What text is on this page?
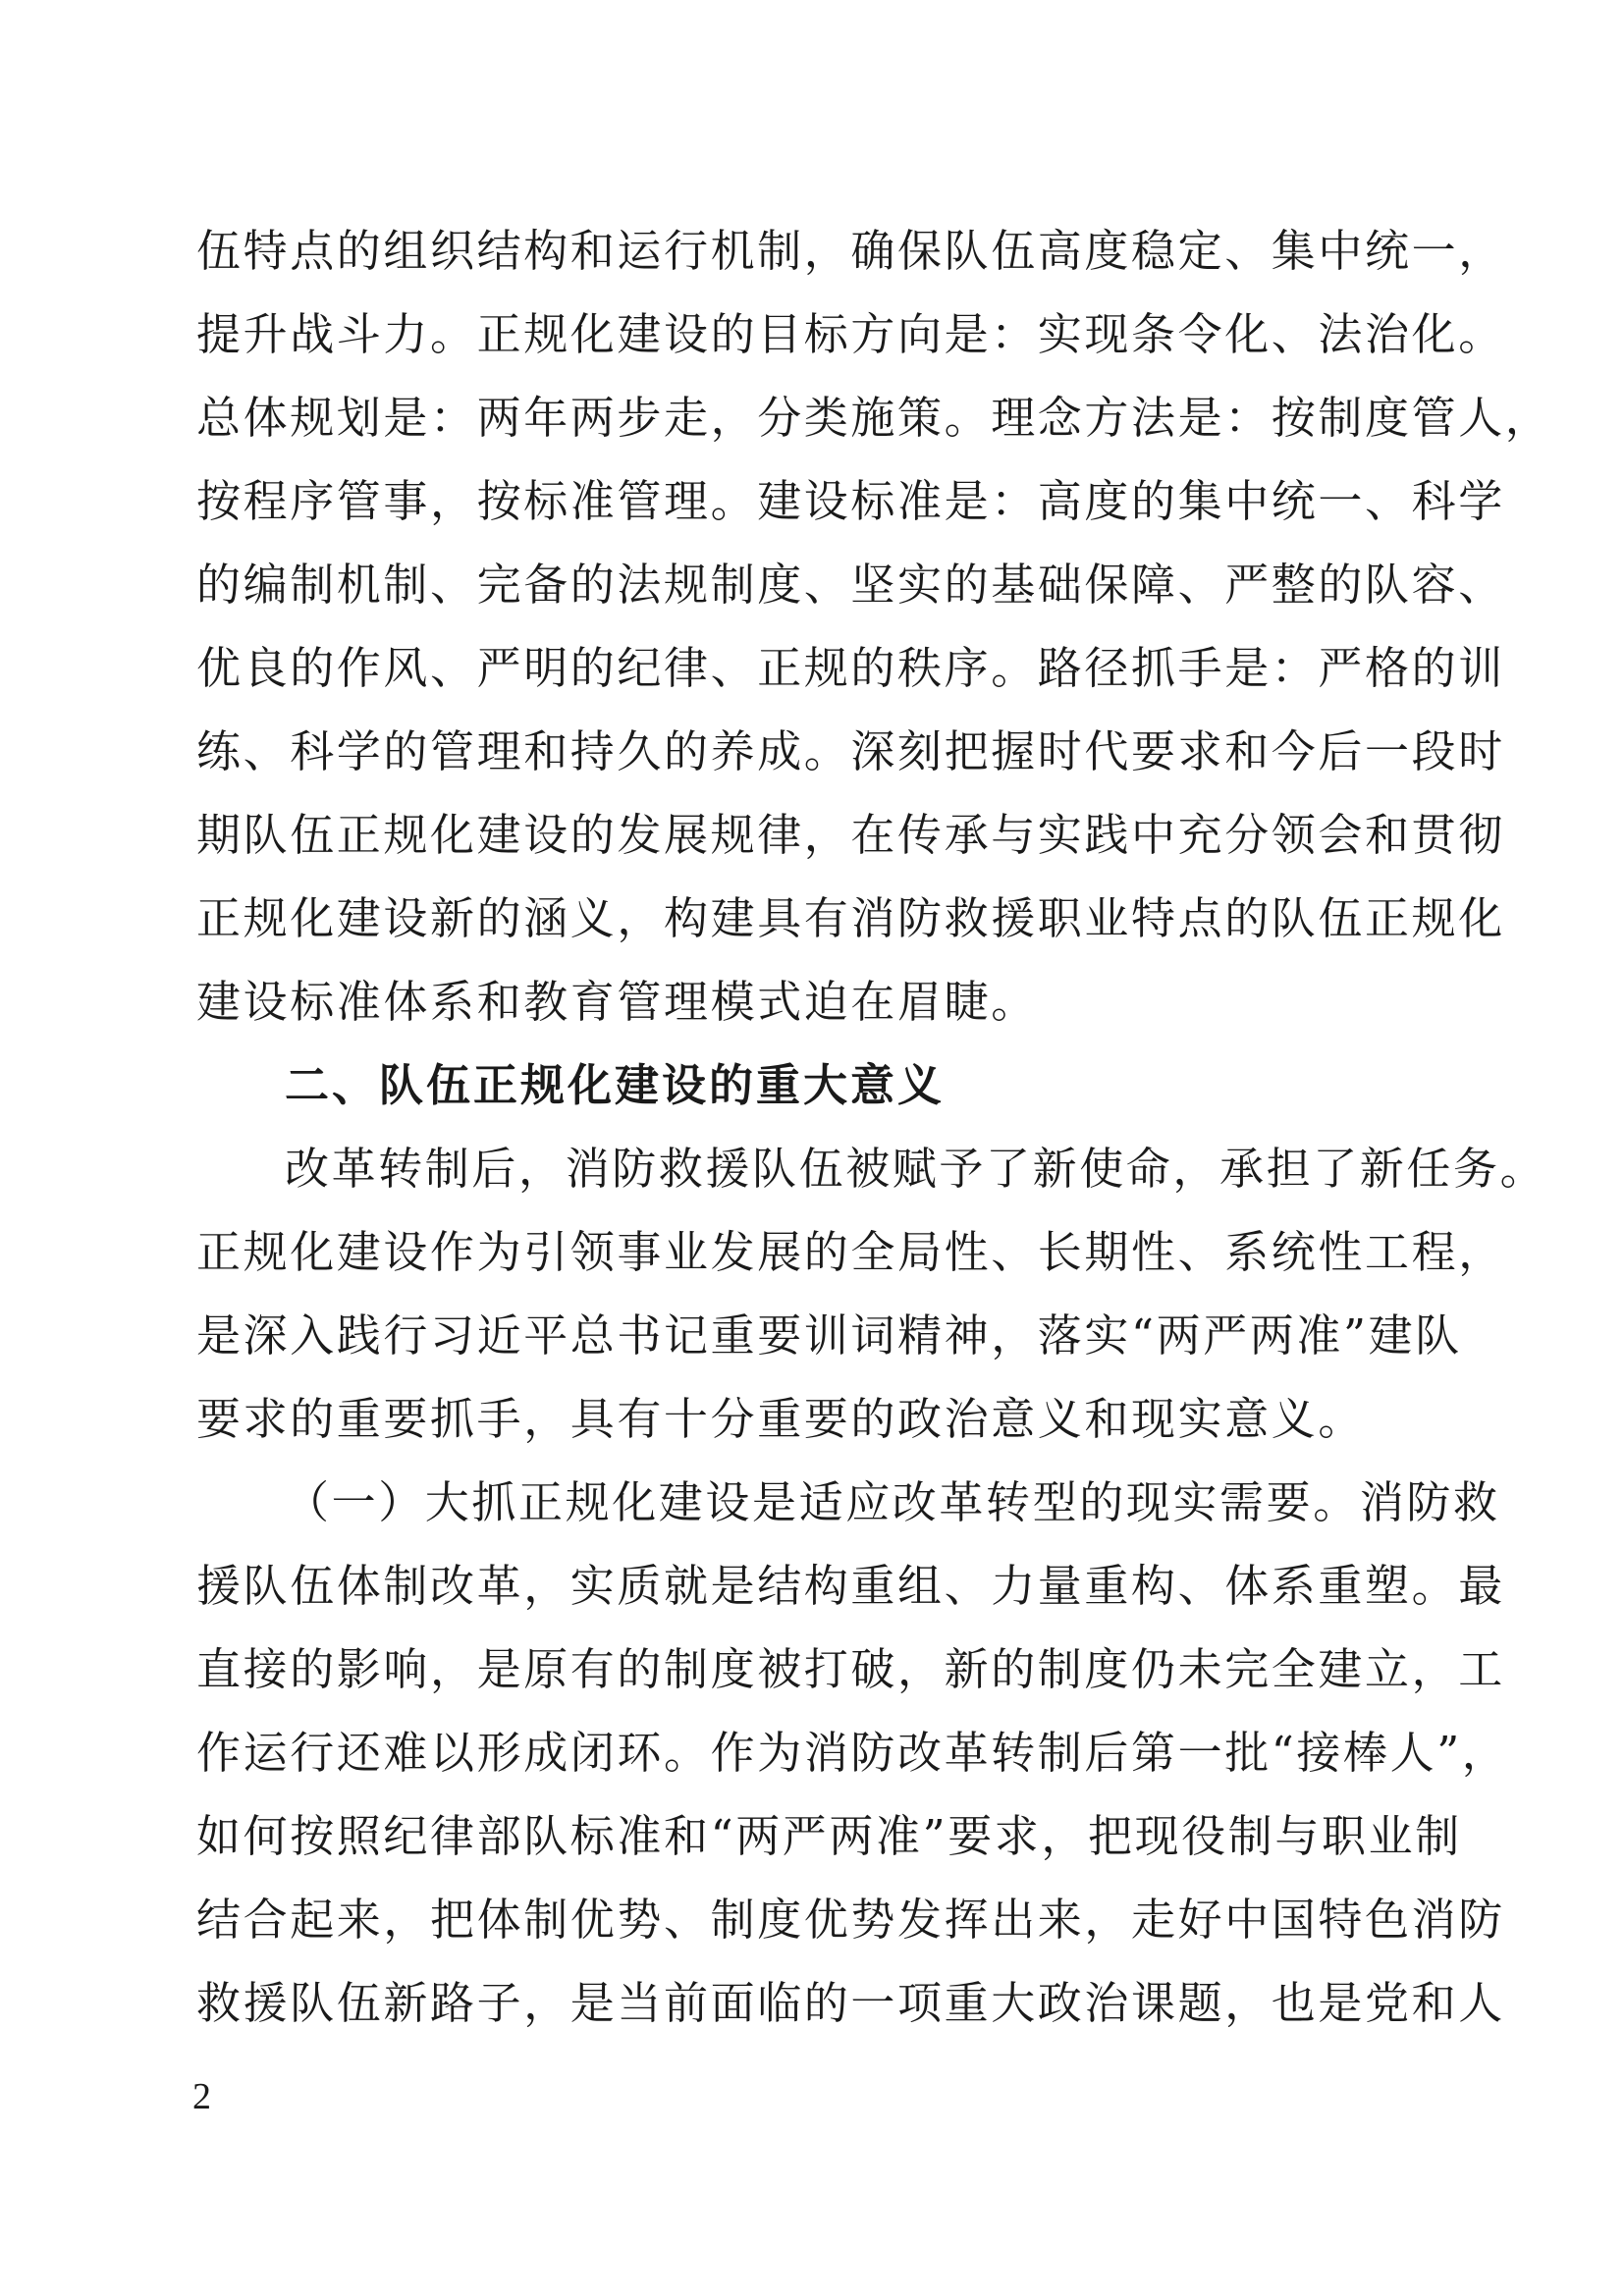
伍特点的组织结构和运行机制，确保队伍高度稳定、集中统一，
提升战斗力。正规化建设的目标方向是：实现条令化、法治化。
总体规划是：两年两步走，分类施策。理念方法是：按制度管人，
按程序管事，按标准管理。建设标准是：高度的集中统一、科学
的编制机制、完备的法规制度、坚实的基础保障、严整的队容、
优良的作风、严明的纪律、正规的秩序。路径抓手是：严格的训
练、科学的管理和持久的养成。深刻把握时代要求和今后一段时
期队伍正规化建设的发展规律，在传承与实践中充分领会和贯彻
正规化建设新的涵义，构建具有消防救援职业特点的队伍正规化
建设标准体系和教育管理模式迫在眉睫。
二、队伍正规化建设的重大意义
改革转制后，消防救援队伍被赋予了新使命，承担了新任务。
正规化建设作为引领事业发展的全局性、长期性、系统性工程，
是深入践行习近平总书记重要训词精神，落实“两严两准”建队
要求的重要抓手，具有十分重要的政治意义和现实意义。
（一）大抓正规化建设是适应改革转型的现实需要。消防救
援队伍体制改革，实质就是结构重组、力量重构、体系重塑。最
直接的影响，是原有的制度被打破，新的制度仍未完全建立，工
作运行还难以形成闭环。作为消防改革转制后第一批“接棒人”，
如何按照纪律部队标准和“两严两准”要求，把现役制与职业制
结合起来，把体制优势、制度优势发挥出来，走好中国特色消防
救援队伍新路子，是当前面临的一项重大政治课题，也是党和人
2
